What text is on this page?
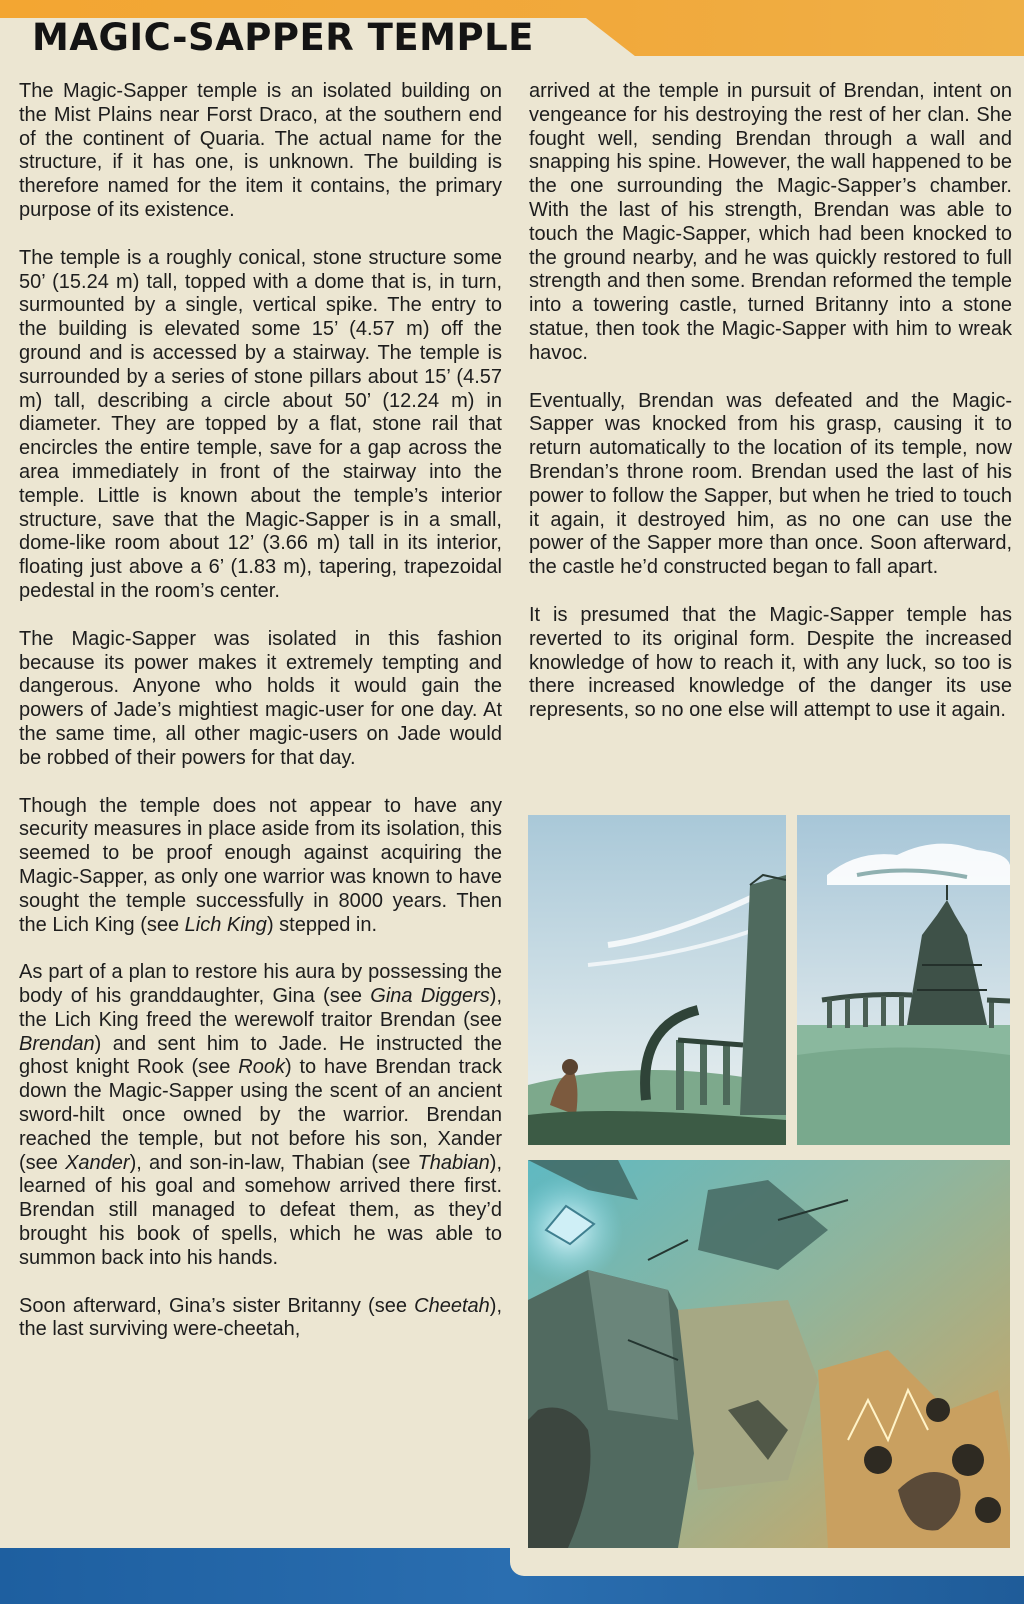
MAGIC-SAPPER TEMPLE

The Magic-Sapper temple is an isolated building on the Mist Plains near Forst Draco, at the southern end of the continent of Quaria. The actual name for the structure, if it has one, is unknown. The building is therefore named for the item it contains, the primary purpose of its existence.

The temple is a roughly conical, stone structure some 50’ (15.24 m) tall, topped with a dome that is, in turn, surmounted by a single, vertical spike. The entry to the building is elevated some 15’ (4.57 m) off the ground and is accessed by a stairway. The temple is surrounded by a series of stone pillars about 15’ (4.57 m) tall, describing a circle about 50’ (12.24 m) in diameter. They are topped by a flat, stone rail that encircles the entire temple, save for a gap across the area immediately in front of the stairway into the temple. Little is known about the temple’s interior structure, save that the Magic-Sapper is in a small, dome-like room about 12’ (3.66 m) tall in its interior, floating just above a 6’ (1.83 m), tapering, trapezoidal pedestal in the room’s center.

The Magic-Sapper was isolated in this fashion because its power makes it extremely tempting and dangerous. Anyone who holds it would gain the powers of Jade’s mightiest magic-user for one day. At the same time, all other magic-users on Jade would be robbed of their powers for that day.

Though the temple does not appear to have any security measures in place aside from its isolation, this seemed to be proof enough against acquiring the Magic-Sapper, as only one warrior was known to have sought the temple successfully in 8000 years. Then the Lich King (see Lich King) stepped in.

As part of a plan to restore his aura by possessing the body of his granddaughter, Gina (see Gina Diggers), the Lich King freed the werewolf traitor Brendan (see Brendan) and sent him to Jade. He instructed the ghost knight Rook (see Rook) to have Brendan track down the Magic-Sapper using the scent of an ancient sword-hilt once owned by the warrior. Brendan reached the temple, but not before his son, Xander (see Xander), and son-in-law, Thabian (see Thabian), learned of his goal and somehow arrived there first. Brendan still managed to defeat them, as they’d brought his book of spells, which he was able to summon back into his hands.

Soon afterward, Gina’s sister Britanny (see Cheetah), the last surviving were-cheetah,

arrived at the temple in pursuit of Brendan, intent on vengeance for his destroying the rest of her clan. She fought well, sending Brendan through a wall and snapping his spine. However, the wall happened to be the one surrounding the Magic-Sapper’s chamber. With the last of his strength, Brendan was able to touch the Magic-Sapper, which had been knocked to the ground nearby, and he was quickly restored to full strength and then some. Brendan reformed the temple into a towering castle, turned Britanny into a stone statue, then took the Magic-Sapper with him to wreak havoc.

Eventually, Brendan was defeated and the Magic-Sapper was knocked from his grasp, causing it to return automatically to the location of its temple, now Brendan’s throne room. Brendan used the last of his power to follow the Sapper, but when he tried to touch it again, it destroyed him, as no one can use the power of the Sapper more than once. Soon afterward, the castle he’d constructed began to fall apart.

It is presumed that the Magic-Sapper temple has reverted to its original form. Despite the increased knowledge of how to reach it, with any luck, so too is there increased knowledge of the danger its use represents, so no one else will attempt to use it again.
